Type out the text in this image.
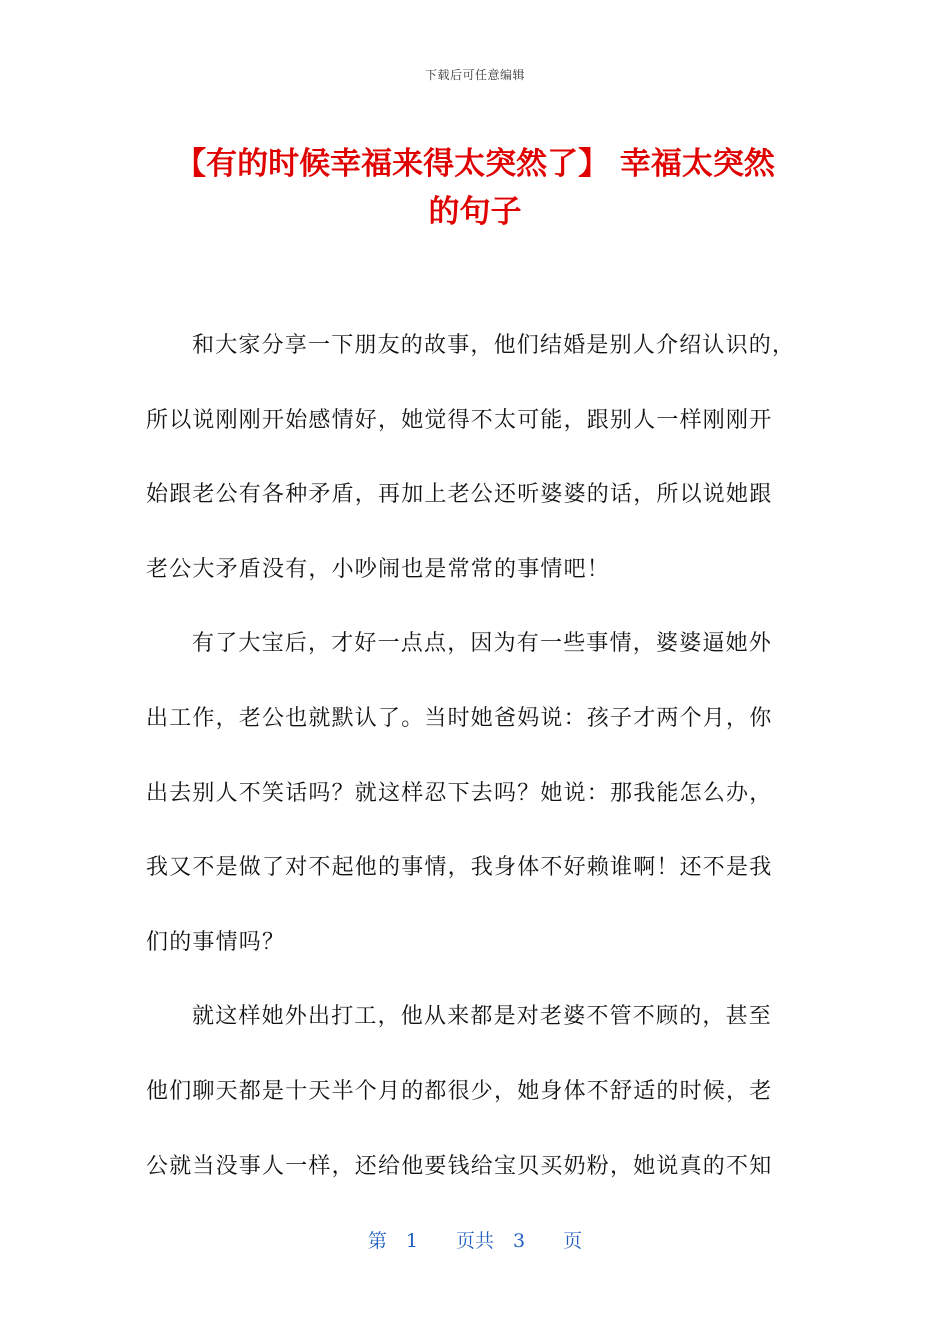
下载后可任意编辑
【有的时候幸福来得太突然了】 幸福太突然
的句子
和大家分享一下朋友的故事，他们结婚是别人介绍认识的，
所以说刚刚开始感情好，她觉得不太可能，跟别人一样刚刚开
始跟老公有各种矛盾，再加上老公还听婆婆的话，所以说她跟
老公大矛盾没有，小吵闹也是常常的事情吧！
有了大宝后，才好一点点，因为有一些事情，婆婆逼她外
出工作，老公也就默认了。当时她爸妈说：孩子才两个月，你
出去别人不笑话吗？就这样忍下去吗？她说：那我能怎么办，
我又不是做了对不起他的事情，我身体不好赖谁啊！还不是我
们的事情吗？
就这样她外出打工，他从来都是对老婆不管不顾的，甚至
他们聊天都是十天半个月的都很少，她身体不舒适的时候，老
公就当没事人一样，还给他要钱给宝贝买奶粉，她说真的不知
第　1　　页共　3　　页
